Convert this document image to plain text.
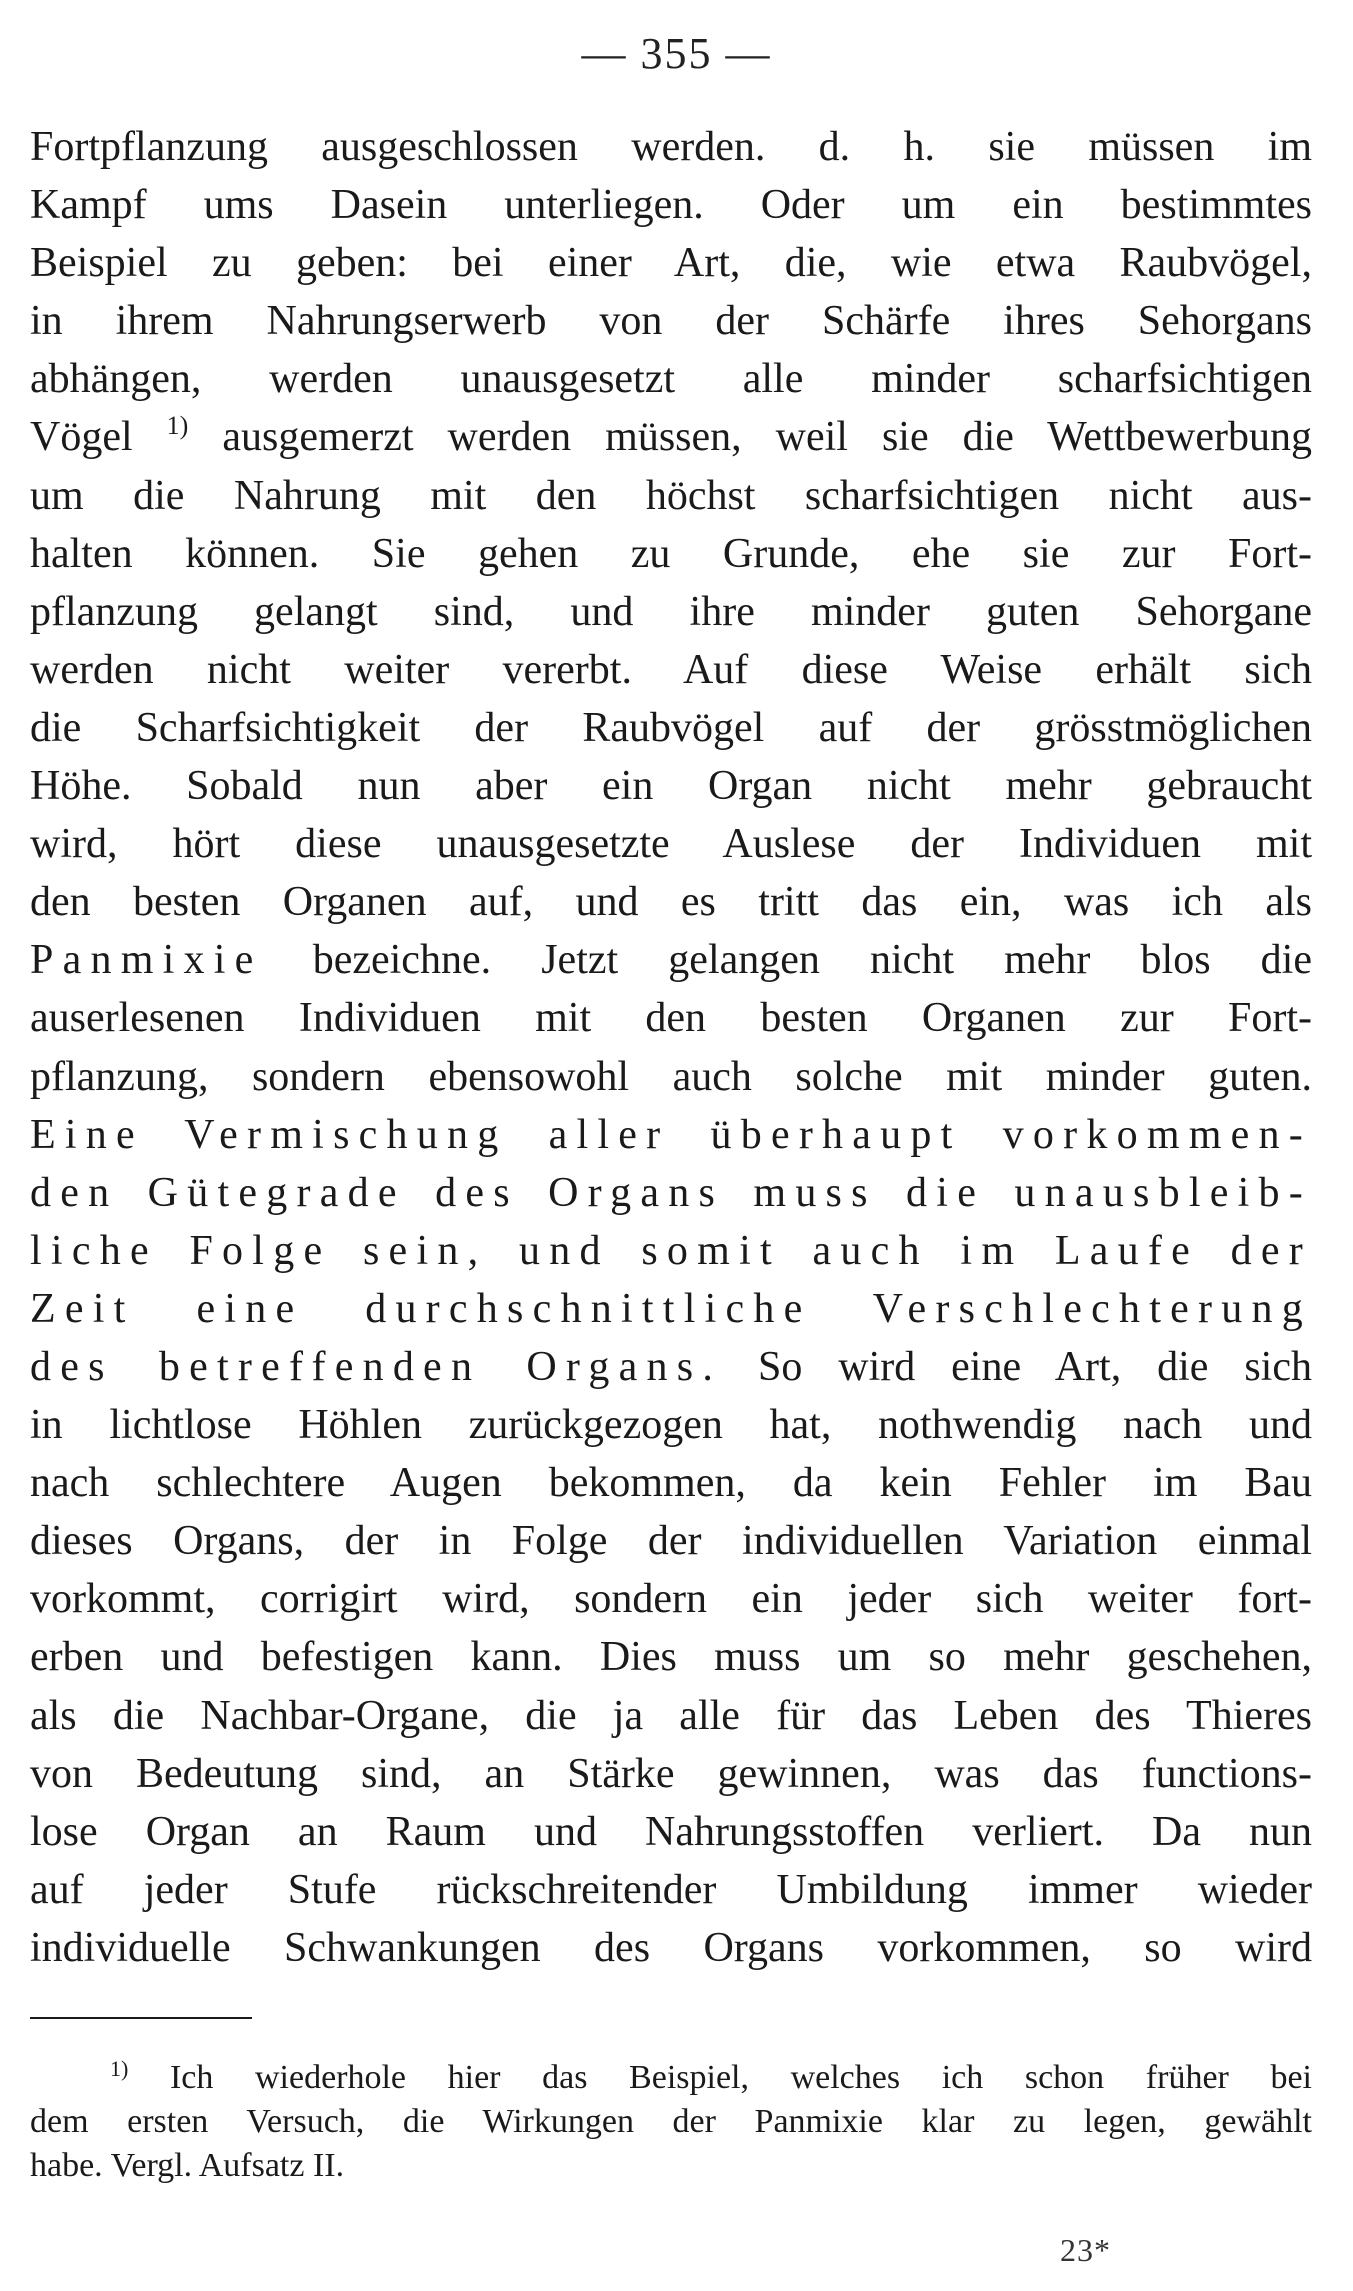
— 355 —
Fortpflanzung ausgeschlossen werden. d. h. sie müssen im
Kampf ums Dasein unterliegen. Oder um ein bestimmtes
Beispiel zu geben: bei einer Art, die, wie etwa Raubvögel,
in ihrem Nahrungserwerb von der Schärfe ihres Sehorgans
abhängen, werden unausgesetzt alle minder scharfsichtigen
Vögel $^{1)}$ ausgemerzt werden müssen, weil sie die Wettbewerbung
um die Nahrung mit den höchst scharfsichtigen nicht aus-
halten können. Sie gehen zu Grunde, ehe sie zur Fort-
pflanzung gelangt sind, und ihre minder guten Sehorgane
werden nicht weiter vererbt. Auf diese Weise erhält sich
die Scharfsichtigkeit der Raubvögel auf der grösstmöglichen
Höhe. Sobald nun aber ein Organ nicht mehr gebraucht
wird, hört diese unausgesetzte Auslese der Individuen mit
den besten Organen auf, und es tritt das ein, was ich als
Panmixie bezeichne. Jetzt gelangen nicht mehr blos die
auserlesenen Individuen mit den besten Organen zur Fort-
pflanzung, sondern ebensowohl auch solche mit minder guten.
Eine Vermischung aller überhaupt vorkommen-
den Gütegrade des Organs muss die unausbleib-
liche Folge sein, und somit auch im Laufe der
Zeit eine durchschnittliche Verschlechterung
des betreffenden Organs. So wird eine Art, die sich
in lichtlose Höhlen zurückgezogen hat, nothwendig nach und
nach schlechtere Augen bekommen, da kein Fehler im Bau
dieses Organs, der in Folge der individuellen Variation einmal
vorkommt, corrigirt wird, sondern ein jeder sich weiter fort-
erben und befestigen kann. Dies muss um so mehr geschehen,
als die Nachbar-Organe, die ja alle für das Leben des Thieres
von Bedeutung sind, an Stärke gewinnen, was das functions-
lose Organ an Raum und Nahrungsstoffen verliert. Da nun
auf jeder Stufe rückschreitender Umbildung immer wieder
individuelle Schwankungen des Organs vorkommen, so wird
$^{1)}$ Ich wiederhole hier das Beispiel, welches ich schon früher bei
dem ersten Versuch, die Wirkungen der Panmixie klar zu legen, gewählt
habe. Vergl. Aufsatz II.
23*
